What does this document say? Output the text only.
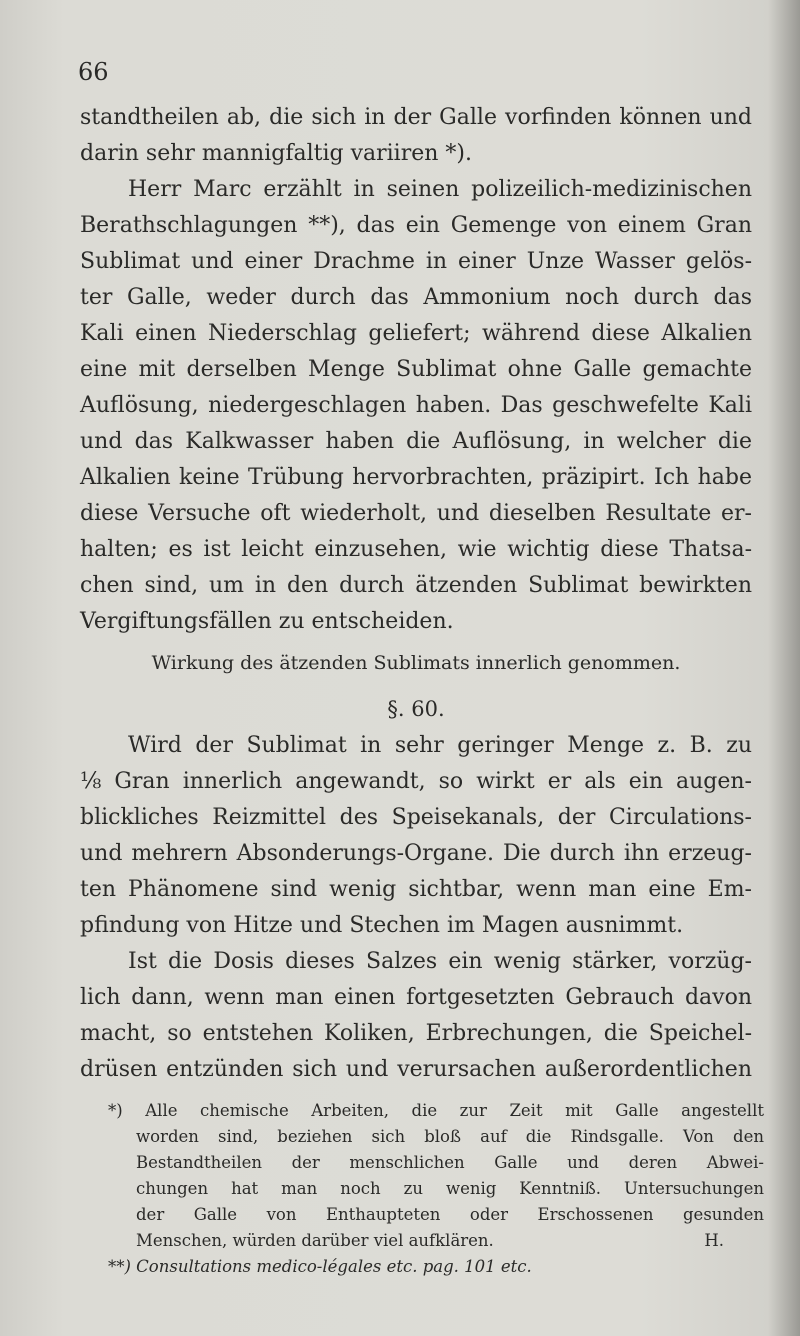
66
standtheilen ab, die sich in der Galle vorfinden können und
darin sehr mannigfaltig variiren *).
Herr Marc erzählt in seinen polizeilich-medizinischen
Berathschlagungen **), das ein Gemenge von einem Gran
Sublimat und einer Drachme in einer Unze Wasser gelös-
ter Galle, weder durch das Ammonium noch durch das
Kali einen Niederschlag geliefert; während diese Alkalien
eine mit derselben Menge Sublimat ohne Galle gemachte
Auflösung, niedergeschlagen haben. Das geschwefelte Kali
und das Kalkwasser haben die Auflösung, in welcher die
Alkalien keine Trübung hervorbrachten, präzipirt. Ich habe
diese Versuche oft wiederholt, und dieselben Resultate er-
halten; es ist leicht einzusehen, wie wichtig diese Thatsa-
chen sind, um in den durch ätzenden Sublimat bewirkten
Vergiftungsfällen zu entscheiden.
Wirkung des ätzenden Sublimats innerlich genommen.
§. 60.
Wird der Sublimat in sehr geringer Menge z. B. zu
⅛ Gran innerlich angewandt, so wirkt er als ein augen-
blickliches Reizmittel des Speisekanals, der Circulations-
und mehrern Absonderungs-Organe. Die durch ihn erzeug-
ten Phänomene sind wenig sichtbar, wenn man eine Em-
pfindung von Hitze und Stechen im Magen ausnimmt.
Ist die Dosis dieses Salzes ein wenig stärker, vorzüg-
lich dann, wenn man einen fortgesetzten Gebrauch davon
macht, so entstehen Koliken, Erbrechungen, die Speichel-
drüsen entzünden sich und verursachen außerordentlichen
*) Alle chemische Arbeiten, die zur Zeit mit Galle angestellt
worden sind, beziehen sich bloß auf die Rindsgalle. Von den
Bestandtheilen der menschlichen Galle und deren Abwei-
chungen hat man noch zu wenig Kenntniß. Untersuchungen
der Galle von Enthaupteten oder Erschossenen gesunden
Menschen, würden darüber viel aufklären.	H.
**) Consultations medico-légales etc. pag. 101 etc.
